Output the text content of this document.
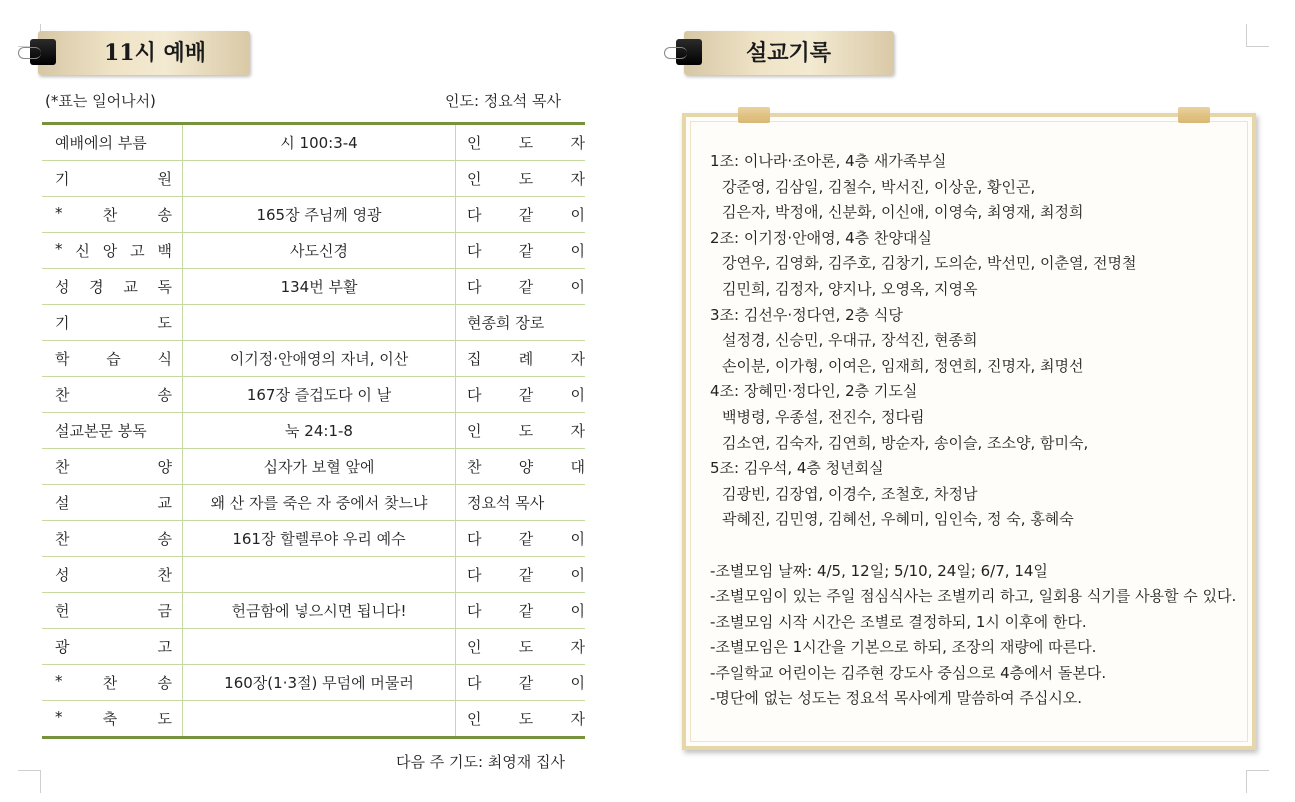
11시 예배
(*표는 일어나서)	인도: 정요석 목사
예배에의 부름	시 100:3-4	인 도 자

기 원		인 도 자

* 찬 송	165장 주님께 영광	다 같 이

* 신 앙 고 백	사도신경	다 같 이

성 경 교 독	134번 부활	다 같 이

기 도		현종희 장로

학 습 식	이기정·안애영의 자녀, 이산	집 례 자

찬 송	167장 즐겁도다 이 날	다 같 이

설교본문 봉독	눅 24:1-8	인 도 자

찬 양	십자가 보혈 앞에	찬 양 대

설 교	왜 산 자를 죽은 자 중에서 찾느냐	정요석 목사

찬 송	161장 할렐루야 우리 예수	다 같 이

성 찬		다 같 이

헌 금	헌금함에 넣으시면 됩니다!	다 같 이

광 고		인 도 자

* 찬 송	160장(1·3절) 무덤에 머물러	다 같 이

* 축 도		인 도 자
다음 주 기도: 최영재 집사
설교기록

1조: 이나라·조아론, 4층 새가족부실

강준영, 김삼일, 김철수, 박서진, 이상운, 황인곤,

김은자, 박정애, 신분화, 이신애, 이영숙, 최영재, 최정희

2조: 이기정·안애영, 4층 찬양대실

강연우, 김영화, 김주호, 김창기, 도의순, 박선민, 이춘열, 전명철

김민희, 김정자, 양지나, 오영옥, 지영옥

3조: 김선우·정다연, 2층 식당

설정경, 신승민, 우대규, 장석진, 현종희

손이분, 이가형, 이여은, 임재희, 정연희, 진명자, 최명선

4조: 장혜민·정다인, 2층 기도실

백병령, 우종설, 전진수, 정다림

김소연, 김숙자, 김연희, 방순자, 송이슬, 조소양, 함미숙,

5조: 김우석, 4층 청년회실

김광빈, 김장엽, 이경수, 조철호, 차정남

곽혜진, 김민영, 김혜선, 우혜미, 임인숙, 정 숙, 홍혜숙

-조별모임 날짜: 4/5, 12일; 5/10, 24일; 6/7, 14일

-조별모임이 있는 주일 점심식사는 조별끼리 하고, 일회용 식기를 사용할 수 있다.

-조별모임 시작 시간은 조별로 결정하되, 1시 이후에 한다.

-조별모임은 1시간을 기본으로 하되, 조장의 재량에 따른다.

-주일학교 어린이는 김주현 강도사 중심으로 4층에서 돌본다.

-명단에 없는 성도는 정요석 목사에게 말씀하여 주십시오.
